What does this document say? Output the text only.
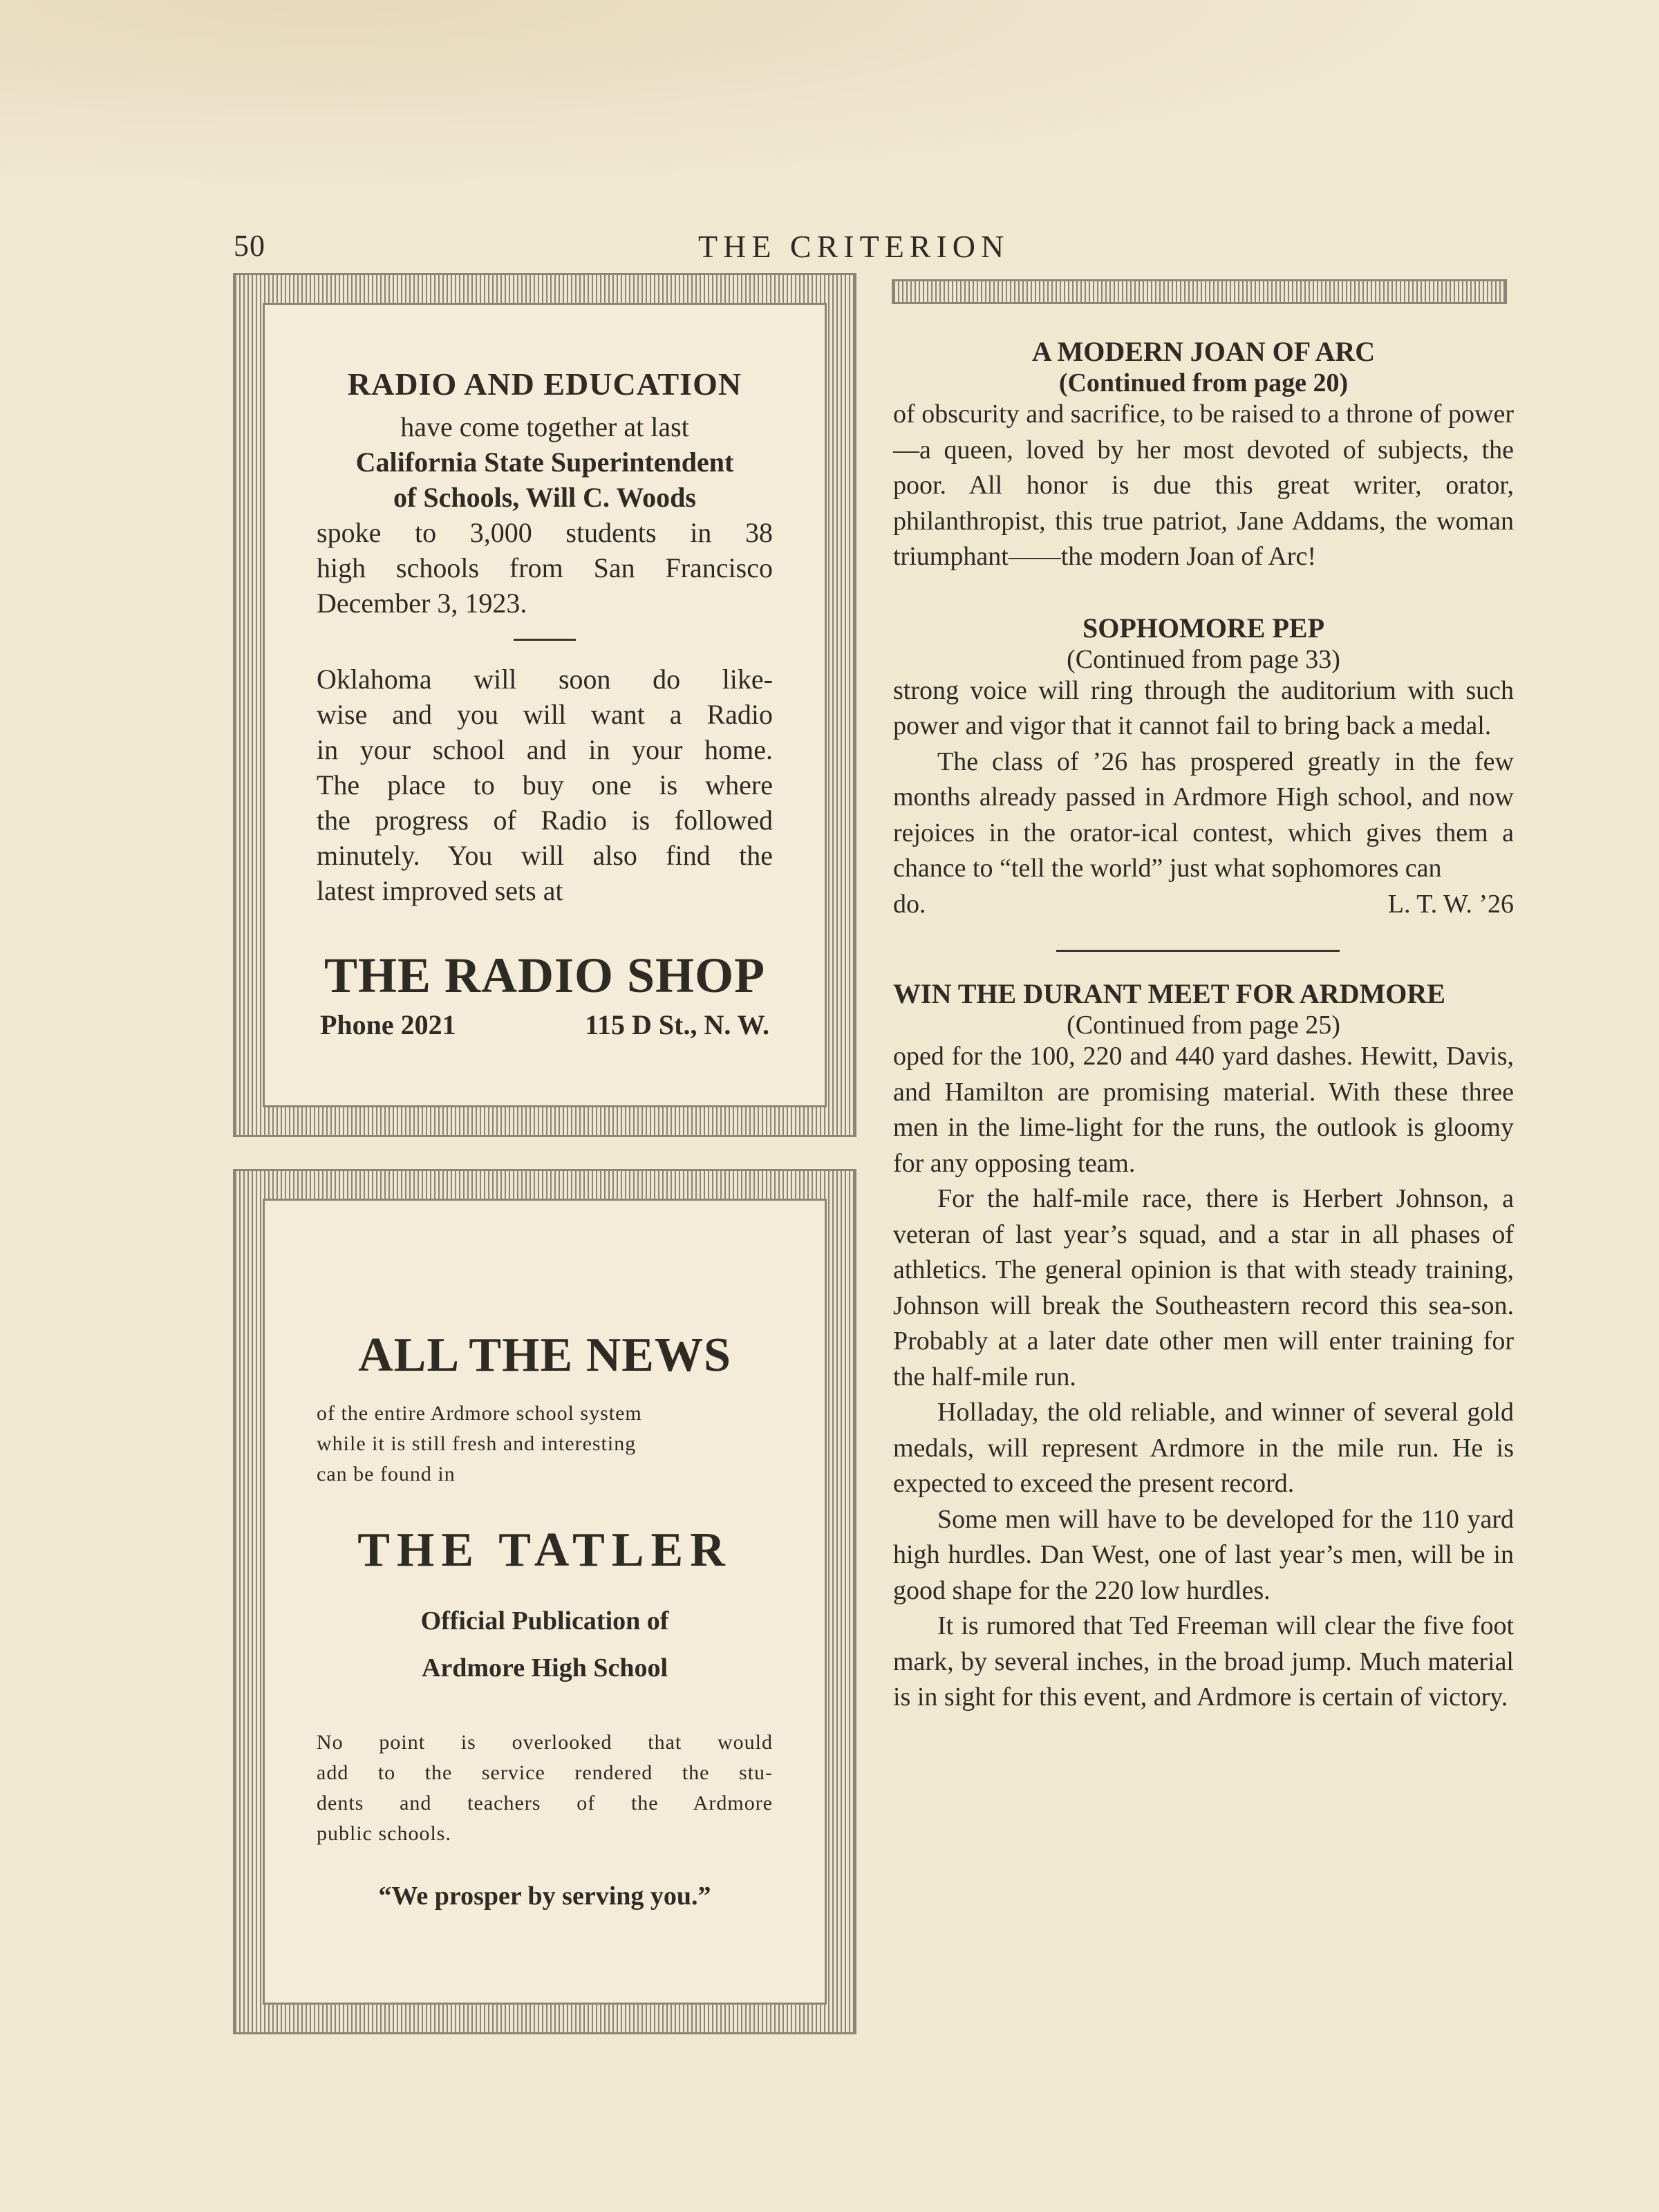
50	THE CRITERION
RADIO AND EDUCATION
have come together at last
California State Superintendent
of Schools, Will C. Woods
spoke to 3,000 students in 38
high schools from San Francisco
December 3, 1923.
Oklahoma will soon do like-
wise and you will want a Radio
in your school and in your home.
The place to buy one is where
the progress of Radio is followed
minutely. You will also find the
latest improved sets at
THE RADIO SHOP
Phone 2021	115 D St., N. W.
ALL THE NEWS
of the entire Ardmore school system
while it is still fresh and interesting
can be found in
THE TATLER
Official Publication of
Ardmore High School
No point is overlooked that would
add to the service rendered the stu-
dents and teachers of the Ardmore
public schools.
“We prosper by serving you.”
A MODERN JOAN OF ARC
(Continued from page 20)

of obscurity and sacrifice, to be raised to a throne of power—a queen, loved by her most devoted of subjects, the poor. All honor is due this great writer, orator, philanthropist, this true patriot, Jane Addams, the woman triumphant——the modern Joan of Arc!

SOPHOMORE PEP
(Continued from page 33)

strong voice will ring through the auditorium with such power and vigor that it cannot fail to bring back a medal.

The class of ’26 has prospered greatly in the few months already passed in Ardmore High school, and now rejoices in the orator-ical contest, which gives them a chance to “tell the world” just what sophomores can

do.	L. T. W. ’26
WIN THE DURANT MEET FOR ARDMORE
(Continued from page 25)

oped for the 100, 220 and 440 yard dashes. Hewitt, Davis, and Hamilton are promising material. With these three men in the lime-light for the runs, the outlook is gloomy for any opposing team.

For the half-mile race, there is Herbert Johnson, a veteran of last year’s squad, and a star in all phases of athletics. The general opinion is that with steady training, Johnson will break the Southeastern record this sea-son. Probably at a later date other men will enter training for the half-mile run.

Holladay, the old reliable, and winner of several gold medals, will represent Ardmore in the mile run. He is expected to exceed the present record.

Some men will have to be developed for the 110 yard high hurdles. Dan West, one of last year’s men, will be in good shape for the 220 low hurdles.

It is rumored that Ted Freeman will clear the five foot mark, by several inches, in the broad jump. Much material is in sight for this event, and Ardmore is certain of victory.
